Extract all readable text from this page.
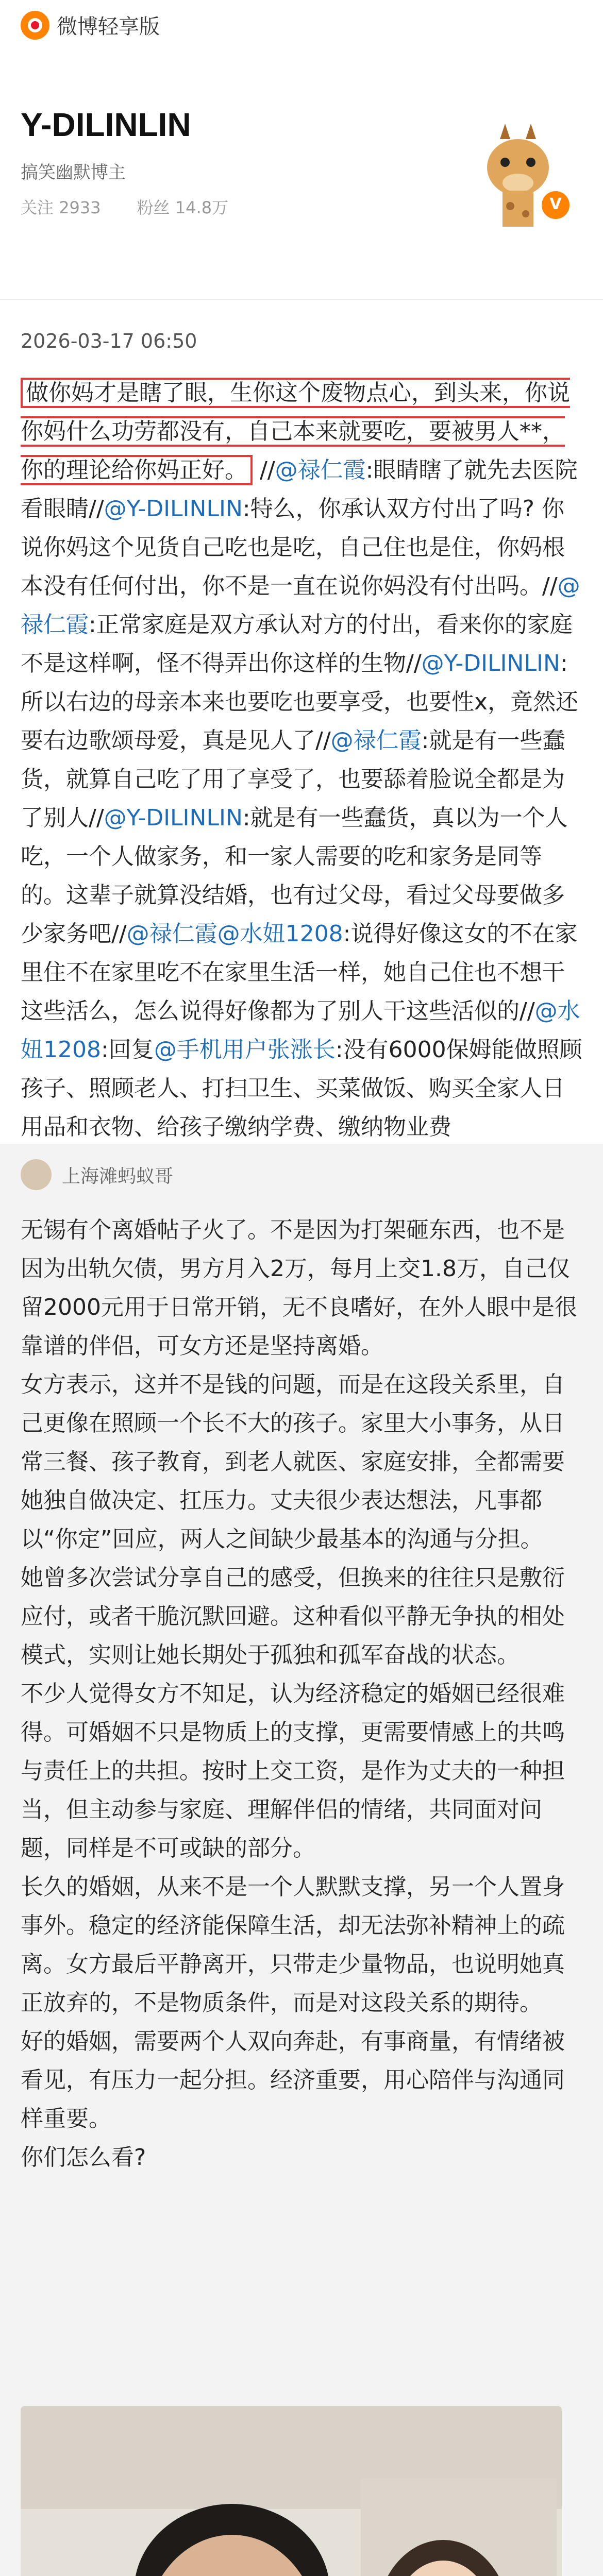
微博轻享版
Y-DILINLIN
搞笑幽默博主
关注 2933 粉丝 14.8万
V
2026-03-17 06:50
做你妈才是瞎了眼，生你这个废物点心，到头来，你说你妈什么功劳都没有，自己本来就要吃，要被男人**，你的理论给你妈正好。 //@禄仁霞:眼睛瞎了就先去医院看眼睛//@Y-DILINLIN:特么，你承认双方付出了吗? 你说你妈这个见货自己吃也是吃，自己住也是住，你妈根本没有任何付出，你不是一直在说你妈没有付出吗。//@禄仁霞:正常家庭是双方承认对方的付出，看来你的家庭不是这样啊，怪不得弄出你这样的生物//@Y-DILINLIN:所以右边的母亲本来也要吃也要享受，也要性x，竟然还要右边歌颂母爱，真是见人了//@禄仁霞:就是有一些蠢货，就算自己吃了用了享受了，也要舔着脸说全都是为了别人//@Y-DILINLIN:就是有一些蠢货，真以为一个人吃，一个人做家务，和一家人需要的吃和家务是同等的。这辈子就算没结婚，也有过父母，看过父母要做多少家务吧//@禄仁霞@水妞1208:说得好像这女的不在家里住不在家里吃不在家里生活一样，她自己住也不想干这些活么，怎么说得好像都为了别人干这些活似的//@水妞1208:回复@手机用户张涨长:没有6000保姆能做照顾孩子、照顾老人、打扫卫生、买菜做饭、购买全家人日用品和衣物、给孩子缴纳学费、缴纳物业费
上海滩蚂蚁哥

无锡有个离婚帖子火了。不是因为打架砸东西，也不是因为出轨欠债，男方月入2万，每月上交1.8万，自己仅留2000元用于日常开销，无不良嗜好，在外人眼中是很靠谱的伴侣，可女方还是坚持离婚。

女方表示，这并不是钱的问题，而是在这段关系里，自己更像在照顾一个长不大的孩子。家里大小事务，从日常三餐、孩子教育，到老人就医、家庭安排，全都需要她独自做决定、扛压力。丈夫很少表达想法，凡事都以“你定”回应，两人之间缺少最基本的沟通与分担。

她曾多次尝试分享自己的感受，但换来的往往只是敷衍应付，或者干脆沉默回避。这种看似平静无争执的相处模式，实则让她长期处于孤独和孤军奋战的状态。

不少人觉得女方不知足，认为经济稳定的婚姻已经很难得。可婚姻不只是物质上的支撑，更需要情感上的共鸣与责任上的共担。按时上交工资，是作为丈夫的一种担当，但主动参与家庭、理解伴侣的情绪，共同面对问题，同样是不可或缺的部分。

长久的婚姻，从来不是一个人默默支撑，另一个人置身事外。稳定的经济能保障生活，却无法弥补精神上的疏离。女方最后平静离开，只带走少量物品，也说明她真正放弃的，不是物质条件，而是对这段关系的期待。

好的婚姻，需要两个人双向奔赴，有事商量，有情绪被看见，有压力一起分担。经济重要，用心陪伴与沟通同样重要。

你们怎么看?
